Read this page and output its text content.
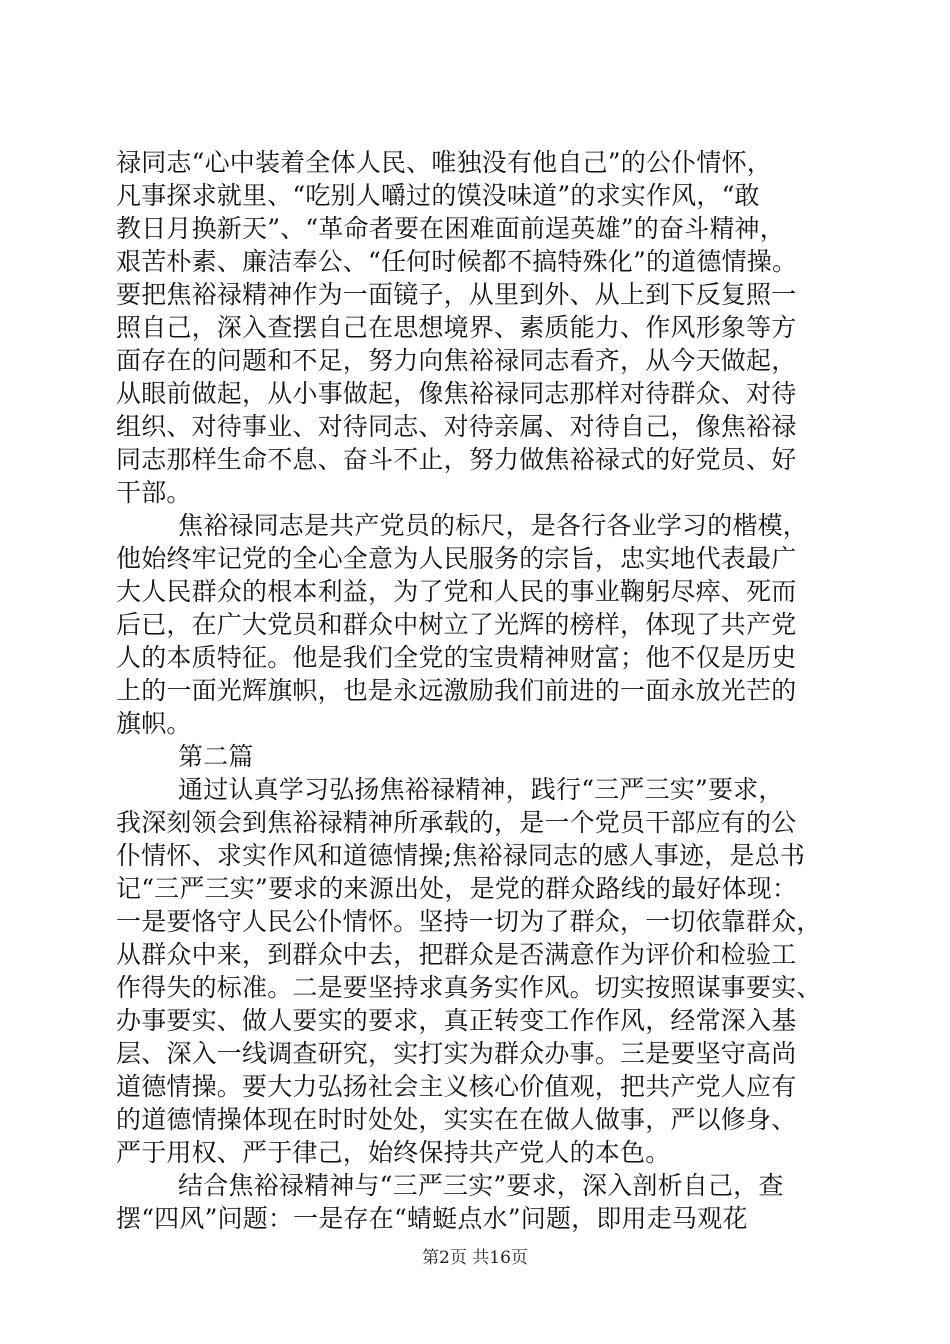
禄同志“心中装着全体人民、唯独没有他自己”的公仆情怀，
凡事探求就里、“吃别人嚼过的馍没味道”的求实作风，“敢
教日月换新天”、“革命者要在困难面前逞英雄”的奋斗精神，
艰苦朴素、廉洁奉公、“任何时候都不搞特殊化”的道德情操。
要把焦裕禄精神作为一面镜子，从里到外、从上到下反复照一
照自己，深入查摆自己在思想境界、素质能力、作风形象等方
面存在的问题和不足，努力向焦裕禄同志看齐，从今天做起，
从眼前做起，从小事做起，像焦裕禄同志那样对待群众、对待
组织、对待事业、对待同志、对待亲属、对待自己，像焦裕禄
同志那样生命不息、奋斗不止，努力做焦裕禄式的好党员、好
干部。
焦裕禄同志是共产党员的标尺，是各行各业学习的楷模，
他始终牢记党的全心全意为人民服务的宗旨，忠实地代表最广
大人民群众的根本利益，为了党和人民的事业鞠躬尽瘁、死而
后已，在广大党员和群众中树立了光辉的榜样，体现了共产党
人的本质特征。他是我们全党的宝贵精神财富；他不仅是历史
上的一面光辉旗帜，也是永远激励我们前进的一面永放光芒的
旗帜。
第二篇
通过认真学习弘扬焦裕禄精神，践行“三严三实”要求，
我深刻领会到焦裕禄精神所承载的，是一个党员干部应有的公
仆情怀、求实作风和道德情操;焦裕禄同志的感人事迹，是总书
记“三严三实”要求的来源出处，是党的群众路线的最好体现：
一是要恪守人民公仆情怀。坚持一切为了群众，一切依靠群众，
从群众中来，到群众中去，把群众是否满意作为评价和检验工
作得失的标准。二是要坚持求真务实作风。切实按照谋事要实、
办事要实、做人要实的要求，真正转变工作作风，经常深入基
层、深入一线调查研究，实打实为群众办事。三是要坚守高尚
道德情操。要大力弘扬社会主义核心价值观，把共产党人应有
的道德情操体现在时时处处，实实在在做人做事，严以修身、
严于用权、严于律己，始终保持共产党人的本色。
结合焦裕禄精神与“三严三实”要求，深入剖析自己，查
摆“四风”问题：一是存在“蜻蜓点水”问题，即用走马观花
第2页 共16页
